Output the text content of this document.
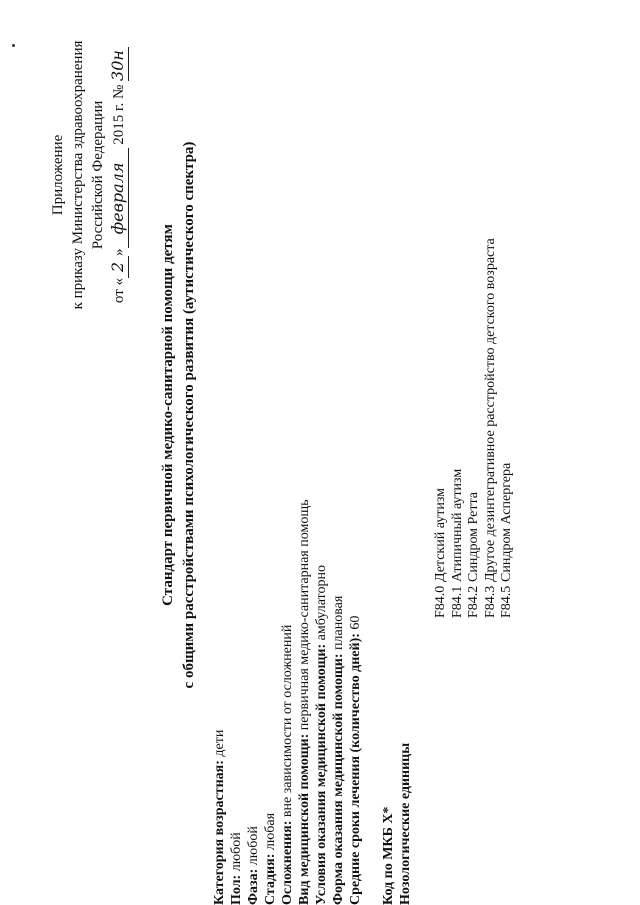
Приложение к приказу Министерства здравоохранения Российской Федерации
от «2»февраля 2015 г. № 30н
Стандарт первичной медико-санитарной помощи детям с общими расстройствами психологического развития (аутистического спектра)
Категория возрастная: дети
Пол: любой
Фаза: любой
Стадия: любая Осложнения: вне зависимости от осложнений Вид медицинской помощи: первичная медико-санитарная помощь
Условия оказания медицинской помощи: амбулаторно
Форма оказания медицинской помощи: плановая
Средние сроки лечения (количество дней): 60
Код по МКБ X* Нозологические единицы
F84.0Детский аутизм
F84.1Атипичный аутизм
F84.2Синдром Ретта
F84.3Другое дезинтегративное расстройство детского возраста
F84.5Синдром Аспергера
